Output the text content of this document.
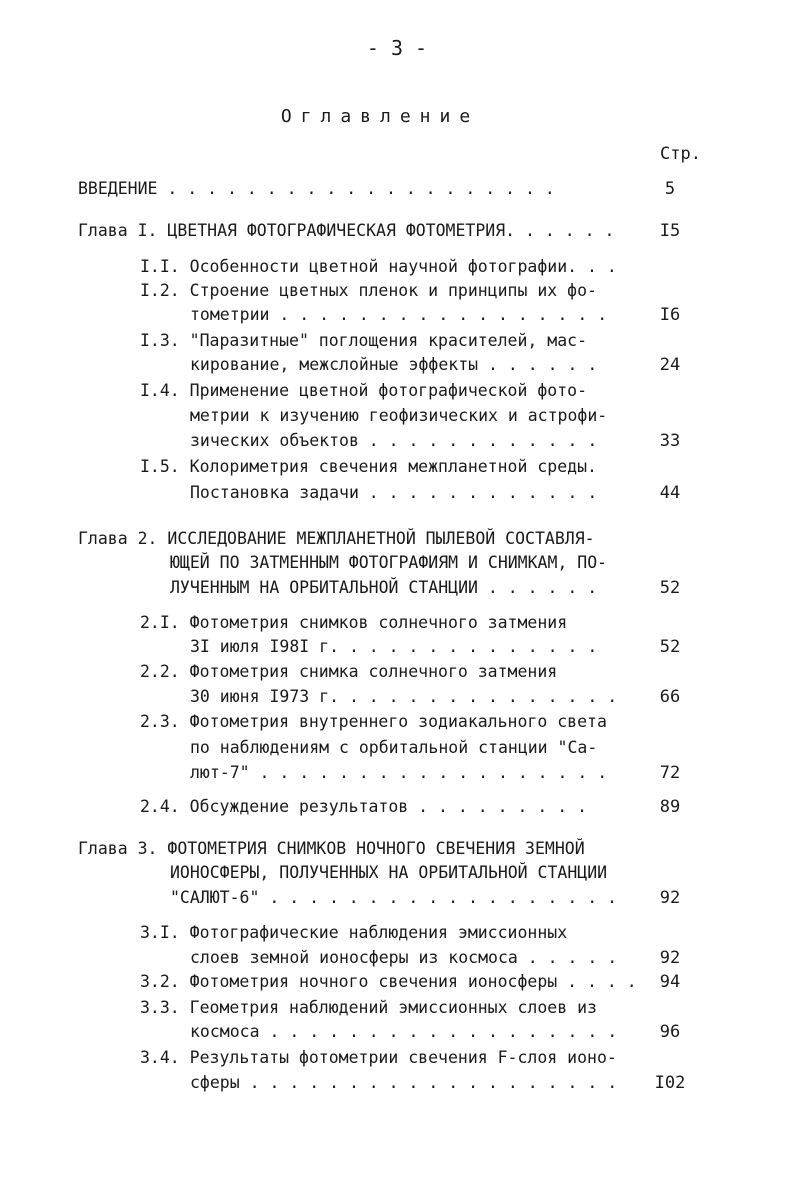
- 3 -
Оглавление
Стр.
ВВЕДЕНИЕ . . . . . . . . . . . . . . . . . . . .	5
Глава I. ЦВЕТНАЯ ФОТОГРАФИЧЕСКАЯ ФОТОМЕТРИЯ. . . . . .	I5
I.I. Особенности цветной научной фотографии. . .
I.2. Строение цветных пленок и принципы их фо-
тометрии . . . . . . . . . . . . . . . . .	I6
I.3. "Паразитные" поглощения красителей, мас-
кирование, межслойные эффекты . . . . . .	24
I.4. Применение цветной фотографической фото-
метрии к изучению геофизических и астрофи-
зических объектов . . . . . . . . . . . .	33
I.5. Колориметрия свечения межпланетной среды.
Постановка задачи . . . . . . . . . . . .	44
Глава 2. ИССЛЕДОВАНИЕ МЕЖПЛАНЕТНОЙ ПЫЛЕВОЙ СОСТАВЛЯ-
ЮЩЕЙ ПО ЗАТМЕННЫМ ФОТОГРАФИЯМ И СНИМКАМ, ПО-
ЛУЧЕННЫМ НА ОРБИТАЛЬНОЙ СТАНЦИИ . . . . . .	52
2.I. Фотометрия снимков солнечного затмения
3I июля I98I г. . . . . . . . . . . . . .	52
2.2. Фотометрия снимка солнечного затмения
30 июня I973 г. . . . . . . . . . . . . . .	66
2.3. Фотометрия внутреннего зодиакального света
по наблюдениям с орбитальной станции "Са-
лют-7" . . . . . . . . . . . . . . . . . .	72
2.4. Обсуждение результатов . . . . . . . . .	89
Глава 3. ФОТОМЕТРИЯ СНИМКОВ НОЧНОГО СВЕЧЕНИЯ ЗЕМНОЙ
ИОНОСФЕРЫ, ПОЛУЧЕННЫХ НА ОРБИТАЛЬНОЙ СТАНЦИИ
"САЛЮТ-6" . . . . . . . . . . . . . . . . . .	92
3.I. Фотографические наблюдения эмиссионных
слоев земной ионосферы из космоса . . . . .	92
3.2. Фотометрия ночного свечения ионосферы . . . .	94
3.3. Геометрия наблюдений эмиссионных слоев из
космоса . . . . . . . . . . . . . . . . . .	96
3.4. Результаты фотометрии свечения F-слоя ионо-
сферы . . . . . . . . . . . . . . . . . . .	I02
